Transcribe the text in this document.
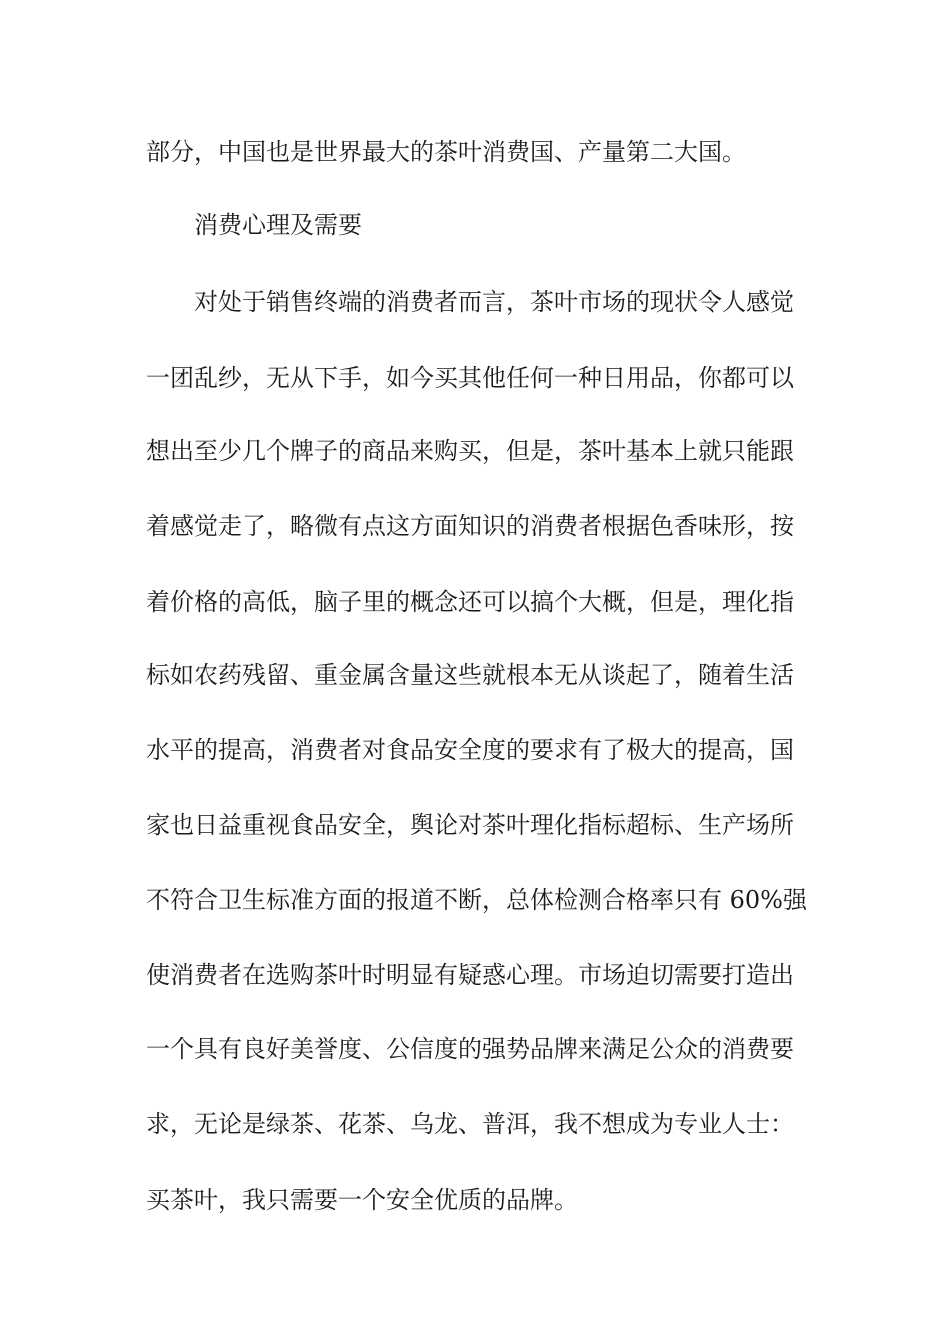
部分，中国也是世界最大的茶叶消费国、产量第二大国。
消费心理及需要
对处于销售终端的消费者而言，茶叶市场的现状令人感觉
一团乱纱，无从下手，如今买其他任何一种日用品，你都可以
想出至少几个牌子的商品来购买，但是，茶叶基本上就只能跟
着感觉走了，略微有点这方面知识的消费者根据色香味形，按
着价格的高低，脑子里的概念还可以搞个大概，但是，理化指
标如农药残留、重金属含量这些就根本无从谈起了，随着生活
水平的提高，消费者对食品安全度的要求有了极大的提高，国
家也日益重视食品安全，舆论对茶叶理化指标超标、生产场所
不符合卫生标准方面的报道不断，总体检测合格率只有 60%强
使消费者在选购茶叶时明显有疑惑心理。市场迫切需要打造出
一个具有良好美誉度、公信度的强势品牌来满足公众的消费要
求，无论是绿茶、花茶、乌龙、普洱，我不想成为专业人士：
买茶叶，我只需要一个安全优质的品牌。
